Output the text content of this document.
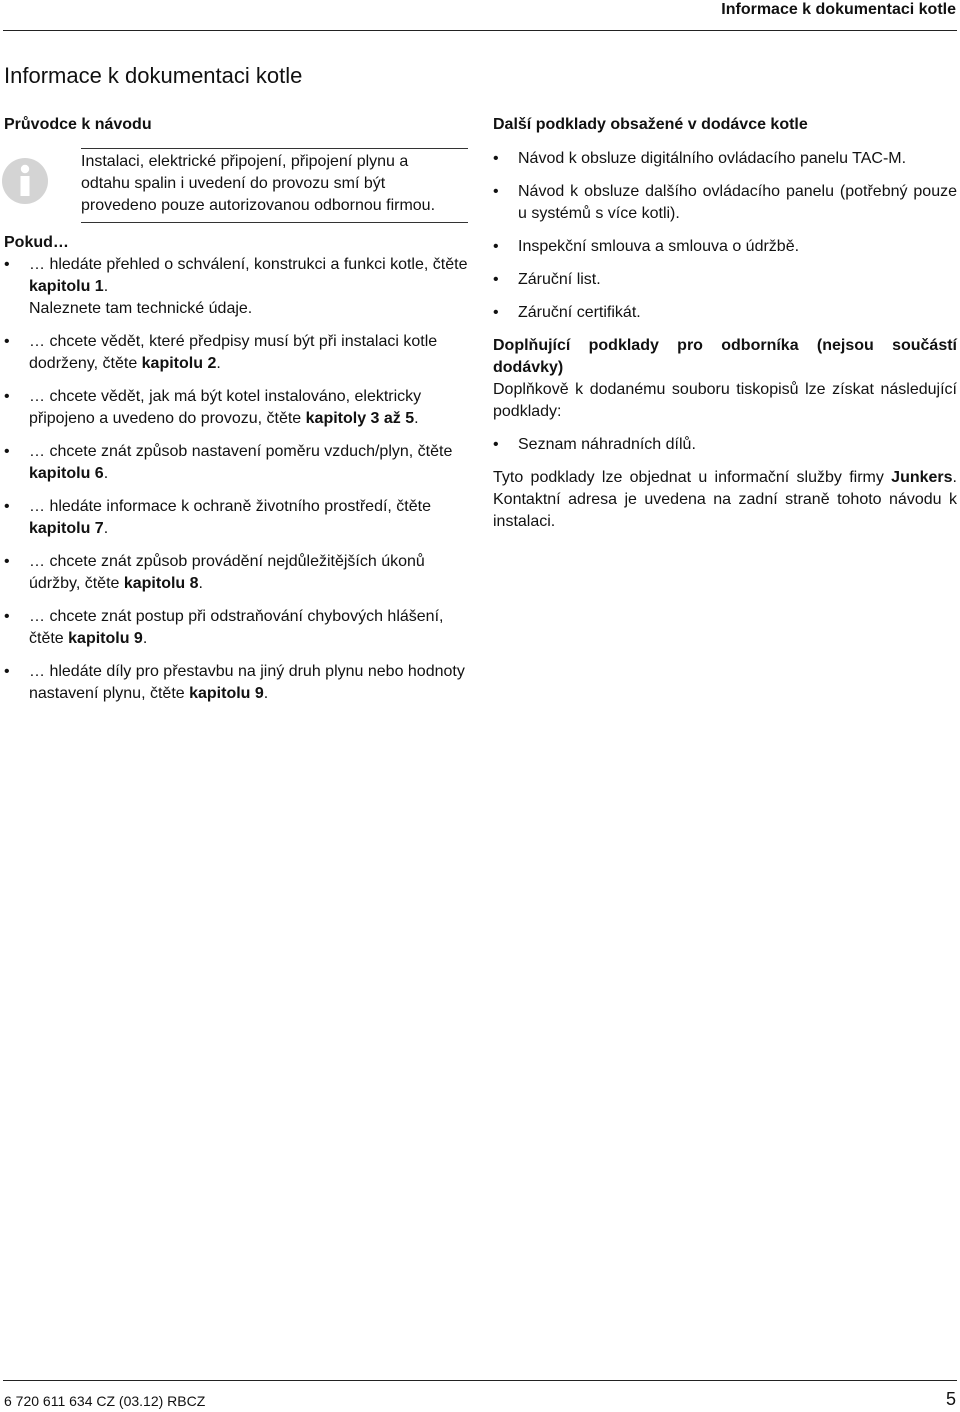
Informace k dokumentaci kotle
Informace k dokumentaci kotle
Průvodce k návodu
Instalaci, elektrické připojení, připojení plynu a odtahu spalin i uvedení do provozu smí být provedeno pouze autorizovanou odbornou firmou.
Pokud…
• … hledáte přehled o schválení, konstrukci a funkci kotle, čtěte kapitolu 1.
Naleznete tam technické údaje.
• … chcete vědět, které předpisy musí být při instalaci kotle dodrženy, čtěte kapitolu 2.
• … chcete vědět, jak má být kotel instalováno, elektricky připojeno a uvedeno do provozu, čtěte kapitoly 3 až 5.
• … chcete znát způsob nastavení poměru vzduch/plyn, čtěte kapitolu 6.
• … hledáte informace k ochraně životního prostředí, čtěte kapitolu 7.
• … chcete znát způsob provádění nejdůležitějších úkonů údržby, čtěte kapitolu 8.
• … chcete znát postup při odstraňování chybových hlášení, čtěte kapitolu 9.
• … hledáte díly pro přestavbu na jiný druh plynu nebo hodnoty nastavení plynu, čtěte kapitolu 9.
Další podklady obsažené v dodávce kotle
• Návod k obsluze digitálního ovládacího panelu TAC-M.
• Návod k obsluze dalšího ovládacího panelu (potřebný pouze u systémů s více kotli).
• Inspekční smlouva a smlouva o údržbě.
• Záruční list.
• Záruční certifikát.
Doplňující podklady pro odborníka (nejsou součástí dodávky)

Doplňkově k dodanému souboru tiskopisů lze získat následující podklady:

• Seznam náhradních dílů.

Tyto podklady lze objednat u informační služby firmy Junkers. Kontaktní adresa je uvedena na zadní straně tohoto návodu k instalaci.

6 720 611 634 CZ (03.12) RBCZ	5
